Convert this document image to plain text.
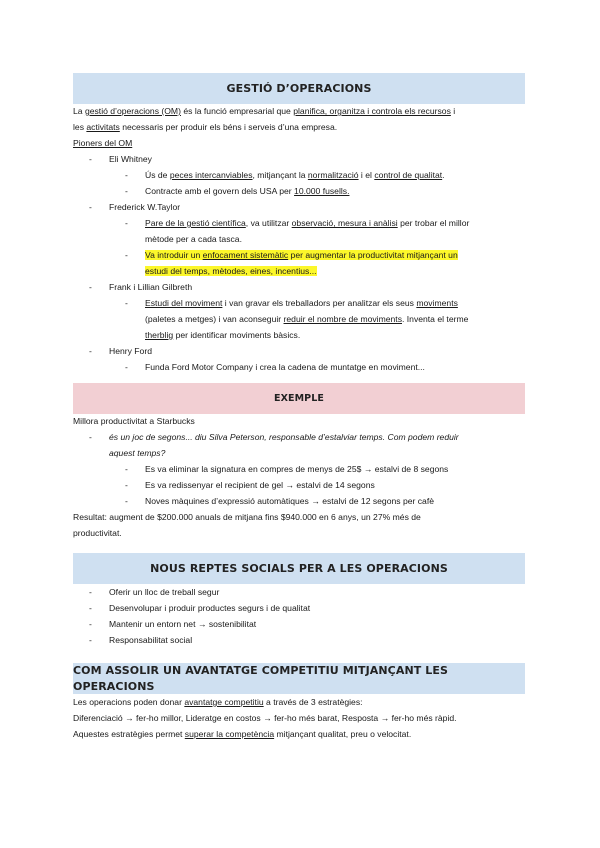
GESTIÓ D’OPERACIONS
La gestió d’operacions (OM) és la funció empresarial que planifica, organitza i controla els recursos i
les activitats necessaris per produir els béns i serveis d’una empresa.
Pioners del OM
- Eli Whitney
- Ús de peces intercanviables, mitjançant la normalització i el control de qualitat.
- Contracte amb el govern dels USA per 10.000 fusells.
- Frederick W.Taylor
- Pare de la gestió científica, va utilitzar observació, mesura i anàlisi per trobar el millor
mètode per a cada tasca.
- Va introduir un enfocament sistemàtic per augmentar la productivitat mitjançant un
estudi del temps, mètodes, eines, incentius...
- Frank i Lillian Gilbreth
- Estudi del moviment i van gravar els treballadors per analitzar els seus moviments
(paletes a metges) i van aconseguir reduir el nombre de moviments. Inventa el terme
therblig per identificar moviments bàsics.
- Henry Ford
- Funda Ford Motor Company i crea la cadena de muntatge en moviment...
EXEMPLE
Millora productivitat a Starbucks
- és un joc de segons... diu Silva Peterson, responsable d’estalviar temps. Com podem reduir
aquest temps?
- Es va eliminar la signatura en compres de menys de 25$ → estalvi de 8 segons
- Es va redissenyar el recipient de gel → estalvi de 14 segons
- Noves màquines d’expressió automàtiques → estalvi de 12 segons per cafè
Resultat: augment de $200.000 anuals de mitjana fins $940.000 en 6 anys, un 27% més de
productivitat.
NOUS REPTES SOCIALS PER A LES OPERACIONS
- Oferir un lloc de treball segur
- Desenvolupar i produir productes segurs i de qualitat
- Mantenir un entorn net → sostenibilitat
- Responsabilitat social
COM ASSOLIR UN AVANTATGE COMPETITIU MITJANÇANT LES OPERACIONS
Les operacions poden donar avantatge competitiu a través de 3 estratègies:
Diferenciació → fer-ho millor, Lideratge en costos → fer-ho més barat, Resposta → fer-ho més ràpid.
Aquestes estratègies permet superar la competència mitjançant qualitat, preu o velocitat.
